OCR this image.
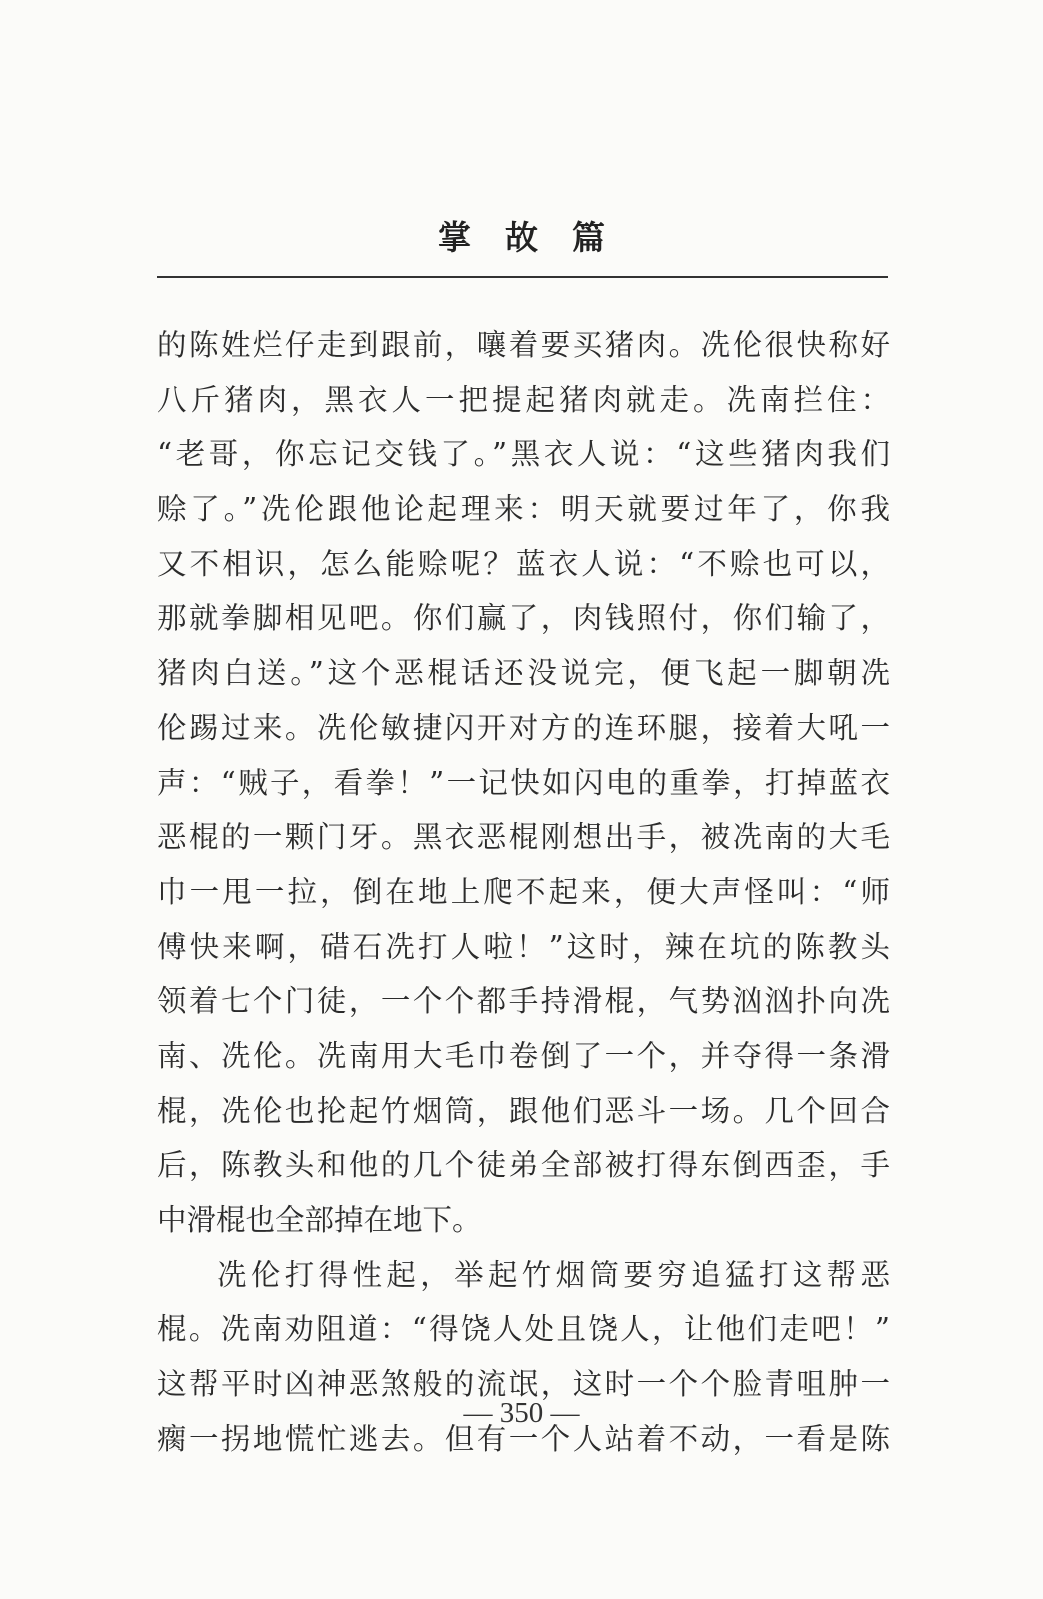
掌故篇
的陈姓烂仔走到跟前，嚷着要买猪肉。冼伦很快称好
八斤猪肉，黑衣人一把提起猪肉就走。冼南拦住：
“老哥，你忘记交钱了。”黑衣人说：“这些猪肉我们
赊了。”冼伦跟他论起理来：明天就要过年了，你我
又不相识，怎么能赊呢？蓝衣人说：“不赊也可以，
那就拳脚相见吧。你们赢了，肉钱照付，你们输了，
猪肉白送。”这个恶棍话还没说完，便飞起一脚朝冼
伦踢过来。冼伦敏捷闪开对方的连环腿，接着大吼一
声：“贼子，看拳！”一记快如闪电的重拳，打掉蓝衣
恶棍的一颗门牙。黑衣恶棍刚想出手，被冼南的大毛
巾一甩一拉，倒在地上爬不起来，便大声怪叫：“师
傅快来啊，碏石冼打人啦！”这时，辣在坑的陈教头
领着七个门徒，一个个都手持滑棍，气势汹汹扑向冼
南、冼伦。冼南用大毛巾卷倒了一个，并夺得一条滑
棍，冼伦也抡起竹烟筒，跟他们恶斗一场。几个回合
后，陈教头和他的几个徒弟全部被打得东倒西歪，手
中滑棍也全部掉在地下。
冼伦打得性起，举起竹烟筒要穷追猛打这帮恶
棍。冼南劝阻道：“得饶人处且饶人，让他们走吧！”
这帮平时凶神恶煞般的流氓，这时一个个脸青咀肿一
瘸一拐地慌忙逃去。但有一个人站着不动，一看是陈
— 350 —
